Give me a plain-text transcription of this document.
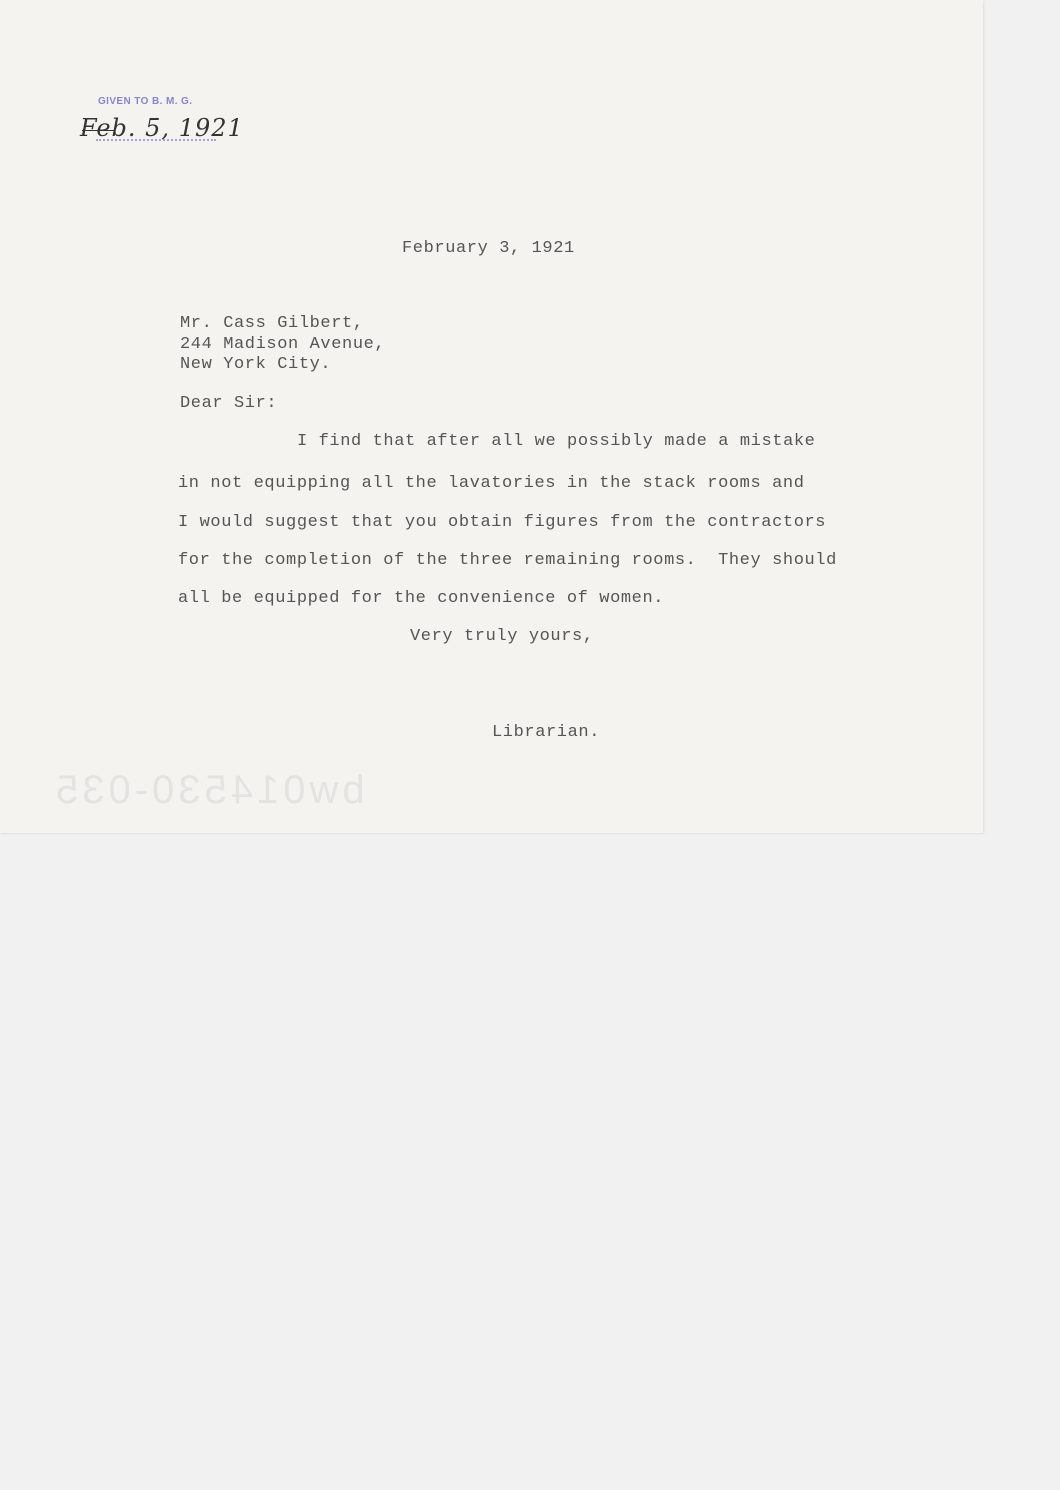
GIVEN TO B. M. G.
Feb. 5, 1921
February 3, 1921
Mr. Cass Gilbert,
244 Madison Avenue,
New York City.
Dear Sir:
I find that after all we possibly made a mistake
in not equipping all the lavatories in the stack rooms and
I would suggest that you obtain figures from the contractors
for the completion of the three remaining rooms.  They should
all be equipped for the convenience of women.
Very truly yours,
Librarian.
bw014530-035
